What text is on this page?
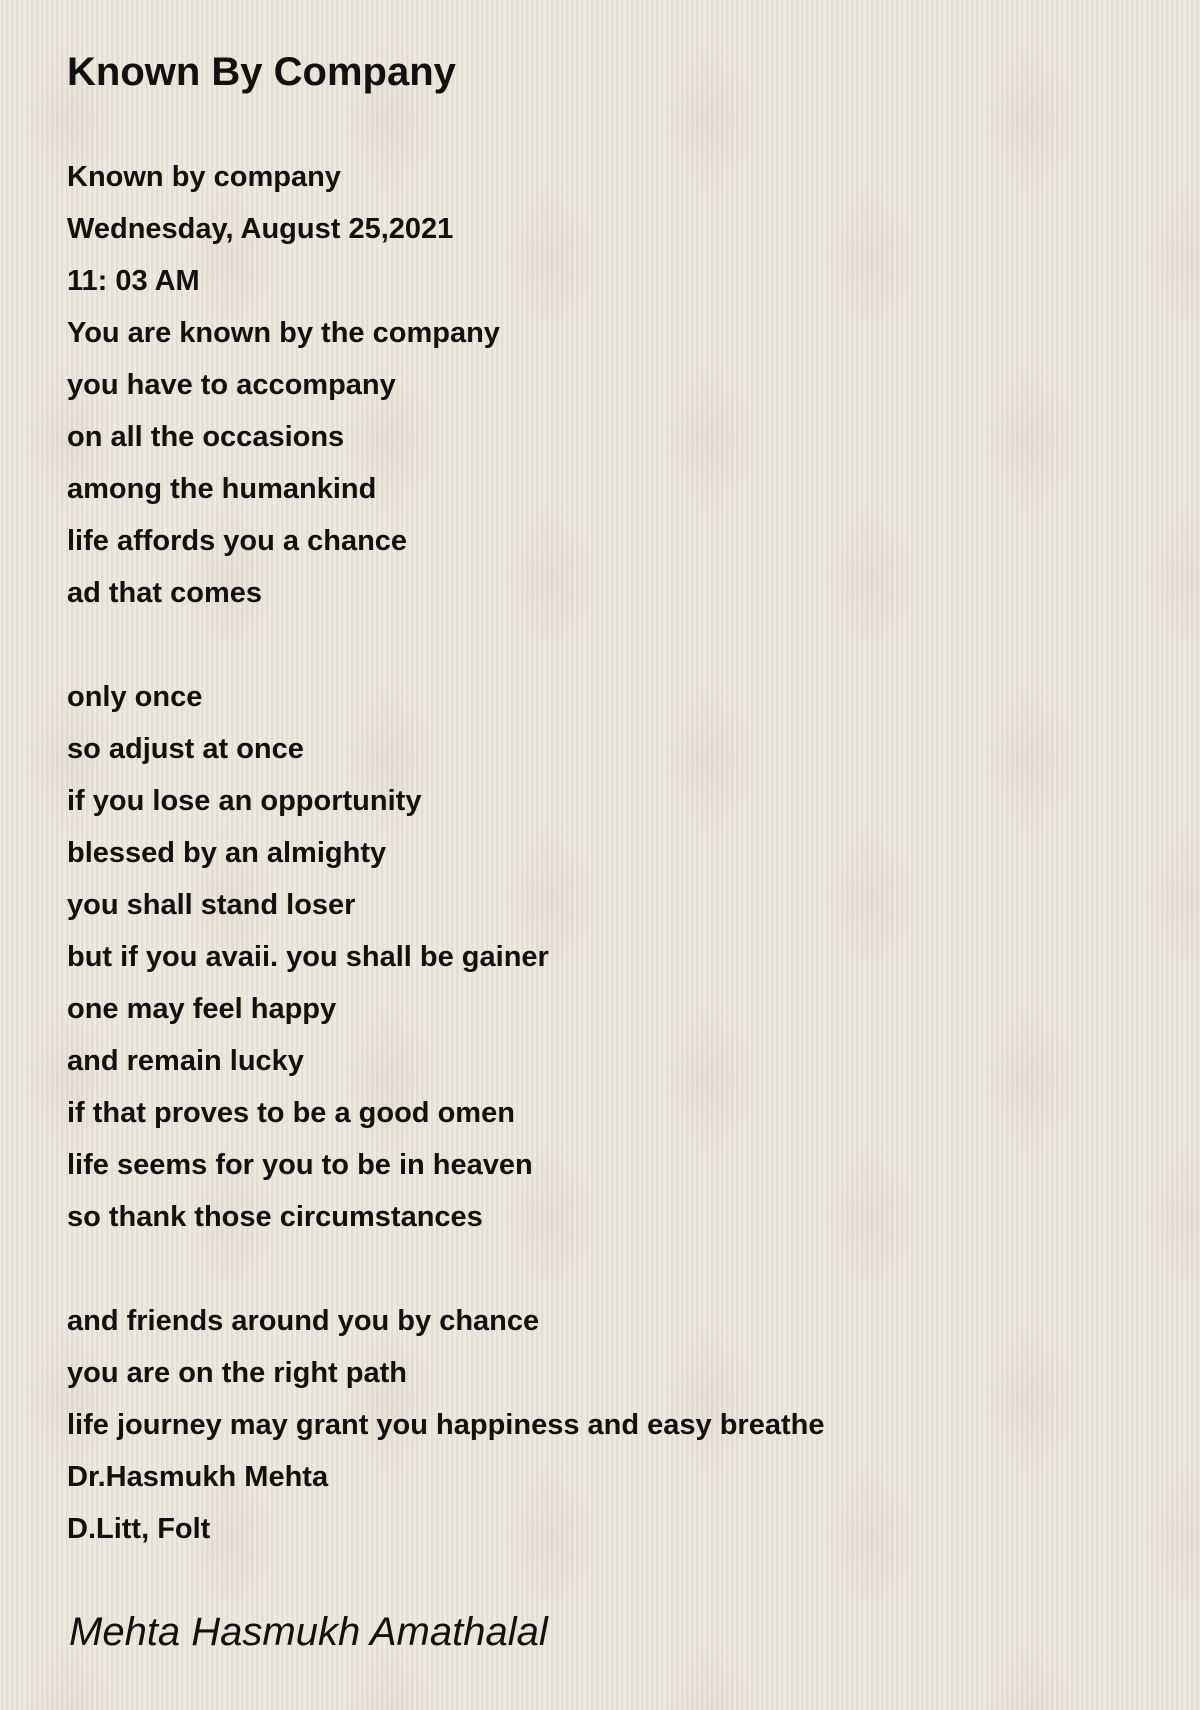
Known By Company
Known by company
Wednesday, August 25,2021
11: 03 AM
You are known by the company
you have to accompany
on all the occasions
among the humankind
life affords you a chance
ad that comes
only once
so adjust at once
if you lose an opportunity
blessed by an almighty
you shall stand loser
but if you avaii. you shall be gainer
one may feel happy
and remain lucky
if that proves to be a good omen
life seems for you to be in heaven
so thank those circumstances
and friends around you by chance
you are on the right path
life journey may grant you happiness and easy breathe
Dr.Hasmukh Mehta
D.Litt, Folt
Mehta Hasmukh Amathalal
